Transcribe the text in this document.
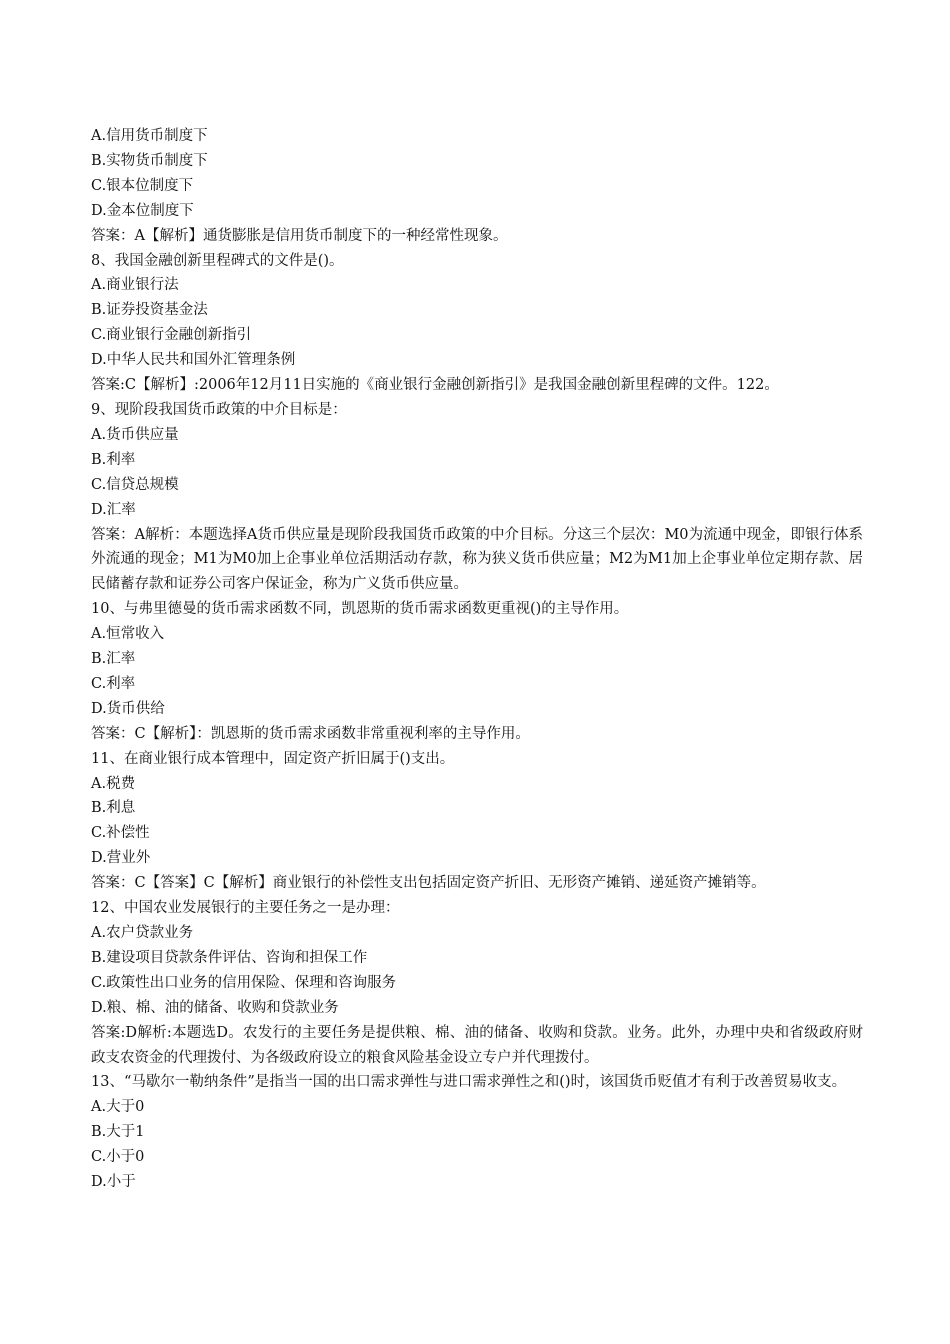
A.信用货币制度下

B.实物货币制度下

C.银本位制度下

D.金本位制度下

答案：A【解析】通货膨胀是信用货币制度下的一种经常性现象。

8、我国金融创新里程碑式的文件是()。

A.商业银行法

B.证券投资基金法

C.商业银行金融创新指引

D.中华人民共和国外汇管理条例

答案:C【解析】:2006年12月11日实施的《商业银行金融创新指引》是我国金融创新里程碑的文件。122。

9、现阶段我国货币政策的中介目标是：

A.货币供应量

B.利率

C.信贷总规模

D.汇率

答案：A解析：本题选择A货币供应量是现阶段我国货币政策的中介目标。分这三个层次：M0为流通中现金，即银行体系外流通的现金；M1为M0加上企事业单位活期活动存款，称为狭义货币供应量；M2为M1加上企事业单位定期存款、居民储蓄存款和证券公司客户保证金，称为广义货币供应量。

10、与弗里德曼的货币需求函数不同，凯恩斯的货币需求函数更重视()的主导作用。

A.恒常收入

B.汇率

C.利率

D.货币供给

答案：C【解析】：凯恩斯的货币需求函数非常重视利率的主导作用。

11、在商业银行成本管理中，固定资产折旧属于()支出。

A.税费

B.利息

C.补偿性

D.营业外

答案：C【答案】C【解析】商业银行的补偿性支出包括固定资产折旧、无形资产摊销、递延资产摊销等。

12、中国农业发展银行的主要任务之一是办理：

A.农户贷款业务

B.建设项目贷款条件评估、咨询和担保工作

C.政策性出口业务的信用保险、保理和咨询服务

D.粮、棉、油的储备、收购和贷款业务

答案:D解析:本题选D。农发行的主要任务是提供粮、棉、油的储备、收购和贷款。业务。此外，办理中央和省级政府财政支农资金的代理拨付、为各级政府设立的粮食风险基金设立专户并代理拨付。

13、“马歇尔一勒纳条件”是指当一国的出口需求弹性与进口需求弹性之和()时，该国货币贬值才有利于改善贸易收支。

A.大于0

B.大于1

C.小于0

D.小于
